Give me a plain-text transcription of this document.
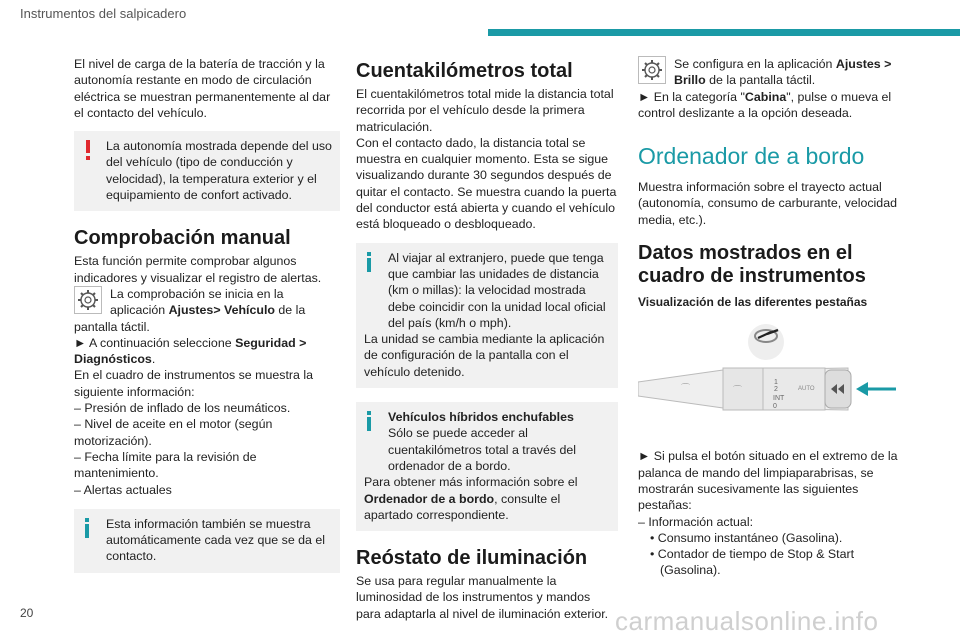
Instrumentos del salpicadero

El nivel de carga de la batería de tracción y la autonomía restante en modo de circulación eléctrica se muestran permanentemente al dar el contacto del vehículo.

La autonomía mostrada depende del uso del vehículo (tipo de conducción y velocidad), la temperatura exterior y el equipamiento de confort activado.

Comprobación manual

Esta función permite comprobar algunos indicadores y visualizar el registro de alertas.

La comprobación se inicia en la aplicación Ajustes> Vehículo de la pantalla táctil.

► A continuación seleccione Seguridad > Diagnósticos.

En el cuadro de instrumentos se muestra la siguiente información:

– Presión de inflado de los neumáticos.

– Nivel de aceite en el motor (según motorización).

– Fecha límite para la revisión de mantenimiento.

– Alertas actuales

Esta información también se muestra automáticamente cada vez que se da el contacto.

Cuentakilómetros total

El cuentakilómetros total mide la distancia total recorrida por el vehículo desde la primera matriculación.

Con el contacto dado, la distancia total se muestra en cualquier momento. Esta se sigue visualizando durante 30 segundos después de quitar el contacto. Se muestra cuando la puerta del conductor está abierta y cuando el vehículo está bloqueado o desbloqueado.

Al viajar al extranjero, puede que tenga que cambiar las unidades de distancia (km o millas): la velocidad mostrada debe coincidir con la unidad local oficial del país (km/h o mph).

La unidad se cambia mediante la aplicación de configuración de la pantalla con el vehículo detenido.

Vehículos híbridos enchufables

Sólo se puede acceder al cuentakilómetros total a través del ordenador de a bordo.

Para obtener más información sobre el Ordenador de a bordo, consulte el apartado correspondiente.

Reóstato de iluminación

Se usa para regular manualmente la luminosidad de los instrumentos y mandos para adaptarla al nivel de iluminación exterior.

Se configura en la aplicación Ajustes > Brillo de la pantalla táctil.

► En la categoría "Cabina", pulse o mueva el control deslizante a la opción deseada.

Ordenador de a bordo

Muestra información sobre el trayecto actual (autonomía, consumo de carburante, velocidad media, etc.).

Datos mostrados en el cuadro de instrumentos

Visualización de las diferentes pestañas

⌒
⌒
INT
0
1
2	AUTO

► Si pulsa el botón situado en el extremo de la palanca de mando del limpiaparabrisas, se mostrarán sucesivamente las siguientes pestañas:

– Información actual:

• Consumo instantáneo (Gasolina).

• Contador de tiempo de Stop & Start (Gasolina).

20	carmanualsonline.info
